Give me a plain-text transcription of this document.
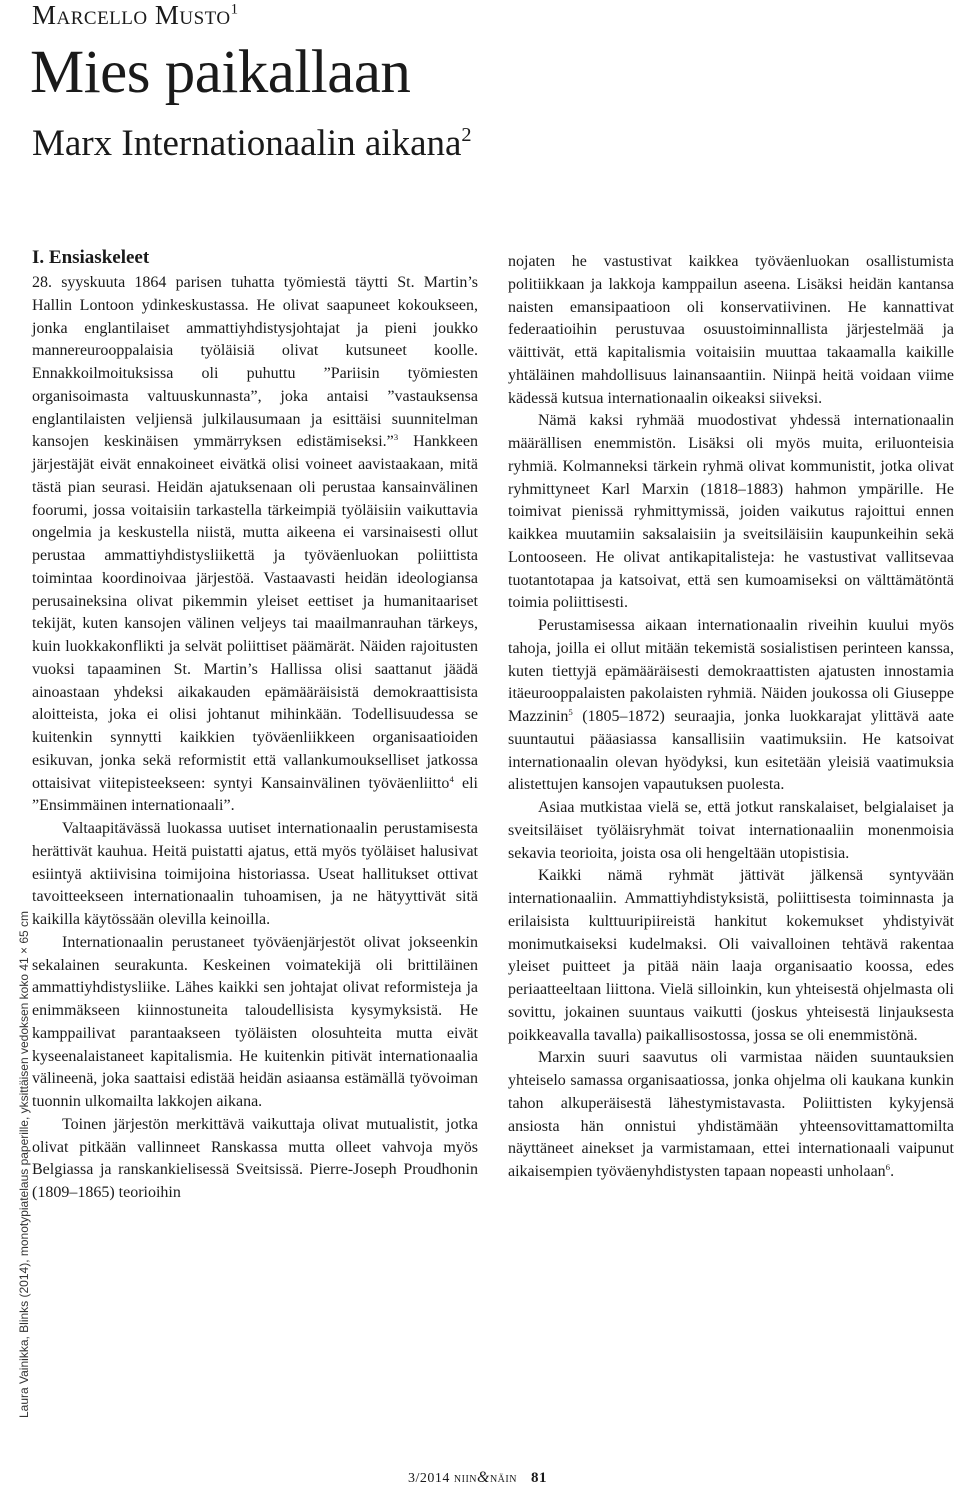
Marcello Musto$^1$
Mies paikallaan
Marx Internationaalin aikana$^2$
I. Ensiaskeleet

28. syyskuuta 1864 parisen tuhatta työmiestä täytti St. Martin’s Hallin Lontoon ydinkeskustassa. He olivat saapuneet kokoukseen, jonka englantilaiset ammattiyhdistysjohtajat ja pieni joukko mannereurooppalaisia työläisiä olivat kutsuneet koolle. Ennakkoilmoituksissa oli puhuttu ”Pariisin työmiesten organisoimasta valtuuskunnasta”, joka antaisi ”vastauksensa englantilaisten veljiensä julkilausumaan ja esittäisi suunnitelman kansojen keskinäisen ymmärryksen edistämiseksi.”$^3$ Hankkeen järjestäjät eivät ennakoineet eivätkä olisi voineet aavistaakaan, mitä tästä pian seurasi. Heidän ajatuksenaan oli perustaa kansainvälinen foorumi, jossa voitaisiin tarkastella tärkeimpiä työläisiin vaikuttavia ongelmia ja keskustella niistä, mutta aikeena ei varsinaisesti ollut perustaa ammattiyhdistysliikettä ja työväenluokan poliittista toimintaa koordinoivaa järjestöä. Vastaavasti heidän ideologiansa perusaineksina olivat pikemmin yleiset eettiset ja humanitaariset tekijät, kuten kansojen välinen veljeys tai maailmanrauhan tärkeys, kuin luokkakonflikti ja selvät poliittiset päämärät. Näiden rajoitusten vuoksi tapaaminen St. Martin’s Hallissa olisi saattanut jäädä ainoastaan yhdeksi aikakauden epämääräisistä demokraattisista aloitteista, joka ei olisi johtanut mihinkään. Todellisuudessa se kuitenkin synnytti kaikkien työväenliikkeen organisaatioiden esikuvan, jonka sekä reformistit että vallankumoukselliset jatkossa ottaisivat viitepisteekseen: syntyi Kansainvälinen työväenliitto$^4$ eli ”Ensimmäinen internationaali”.

Valtaapitävässä luokassa uutiset internationaalin perustamisesta herättivät kauhua. Heitä puistatti ajatus, että myös työläiset halusivat esiintyä aktiivisina toimijoina historiassa. Useat hallitukset ottivat tavoitteekseen internationaalin tuhoamisen, ja ne hätyyttivät sitä kaikilla käytössään olevilla keinoilla.

Internationaalin perustaneet työväenjärjestöt olivat jokseenkin sekalainen seurakunta. Keskeinen voimatekijä oli brittiläinen ammattiyhdistysliike. Lähes kaikki sen johtajat olivat reformisteja ja enimmäkseen kiinnostuneita taloudellisista kysymyksistä. He kamppailivat parantaakseen työläisten olosuhteita mutta eivät kyseenalaistaneet kapitalismia. He kuitenkin pitivät internationaalia välineenä, joka saattaisi edistää heidän asiaansa estämällä työvoiman tuonnin ulkomailta lakkojen aikana.

Toinen järjestön merkittävä vaikuttaja olivat mutualistit, jotka olivat pitkään vallinneet Ranskassa mutta olleet vahvoja myös Belgiassa ja ranskankielisessä Sveitsissä. Pierre-Joseph Proudhonin (1809–1865) teorioihin

nojaten he vastustivat kaikkea työväenluokan osallistumista politiikkaan ja lakkoja kamppailun aseena. Lisäksi heidän kantansa naisten emansipaatioon oli konservatiivinen. He kannattivat federaatioihin perustuvaa osuustoiminnallista järjestelmää ja väittivät, että kapitalismia voitaisiin muuttaa takaamalla kaikille yhtäläinen mahdollisuus lainansaantiin. Niinpä heitä voidaan viime kädessä kutsua internationaalin oikeaksi siiveksi.

Nämä kaksi ryhmää muodostivat yhdessä internationaalin määrällisen enemmistön. Lisäksi oli myös muita, eriluonteisia ryhmiä. Kolmanneksi tärkein ryhmä olivat kommunistit, jotka olivat ryhmittyneet Karl Marxin (1818–1883) hahmon ympärille. He toimivat pienissä ryhmittymissä, joiden vaikutus rajoittui ennen kaikkea muutamiin saksalaisiin ja sveitsiläisiin kaupunkeihin sekä Lontooseen. He olivat antikapitalisteja: he vastustivat vallitsevaa tuotantotapaa ja katsoivat, että sen kumoamiseksi on välttämätöntä toimia poliittisesti.

Perustamisessa aikaan internationaalin riveihin kuului myös tahoja, joilla ei ollut mitään tekemistä sosialistisen perinteen kanssa, kuten tiettyjä epämääräisesti demokraattisten ajatusten innostamia itäeurooppalaisten pakolaisten ryhmiä. Näiden joukossa oli Giuseppe Mazzinin$^5$ (1805–1872) seuraajia, jonka luokkarajat ylittävä aate suuntautui pääasiassa kansallisiin vaatimuksiin. He katsoivat internationaalin olevan hyödyksi, kun esitetään yleisiä vaatimuksia alistettujen kansojen vapautuksen puolesta.

Asiaa mutkistaa vielä se, että jotkut ranskalaiset, belgialaiset ja sveitsiläiset työläisryhmät toivat internationaaliin monenmoisia sekavia teorioita, joista osa oli hengeltään utopistisia.

Kaikki nämä ryhmät jättivät jälkensä syntyvään internationaaliin. Ammattiyhdistyksistä, poliittisesta toiminnasta ja erilaisista kulttuuripiireistä hankitut kokemukset yhdistyivät monimutkaiseksi kudelmaksi. Oli vaivalloinen tehtävä rakentaa yleiset puitteet ja pitää näin laaja organisaatio koossa, edes periaatteeltaan liittona. Vielä silloinkin, kun yhteisestä ohjelmasta oli sovittu, jokainen suuntaus vaikutti (joskus yhteisestä linjauksesta poikkeavalla tavalla) paikallisostossa, jossa se oli enemmistönä.

Marxin suuri saavutus oli varmistaa näiden suuntauksien yhteiselo samassa organisaatiossa, jonka ohjelma oli kaukana kunkin tahon alkuperäisestä lähestymistavasta. Poliittisten kykyjensä ansiosta hän onnistui yhdistämään yhteensovittamattomilta näyttäneet ainekset ja varmistamaan, ettei internationaali vaipunut aikaisempien työväenyhdistysten tapaan nopeasti unholaan$^6$.

Laura Vainikka, Blinks (2014), monotypiatelaus paperille, yksittäisen vedoksen koko 41 × 65 cm
3/2014 niin&näin 81
